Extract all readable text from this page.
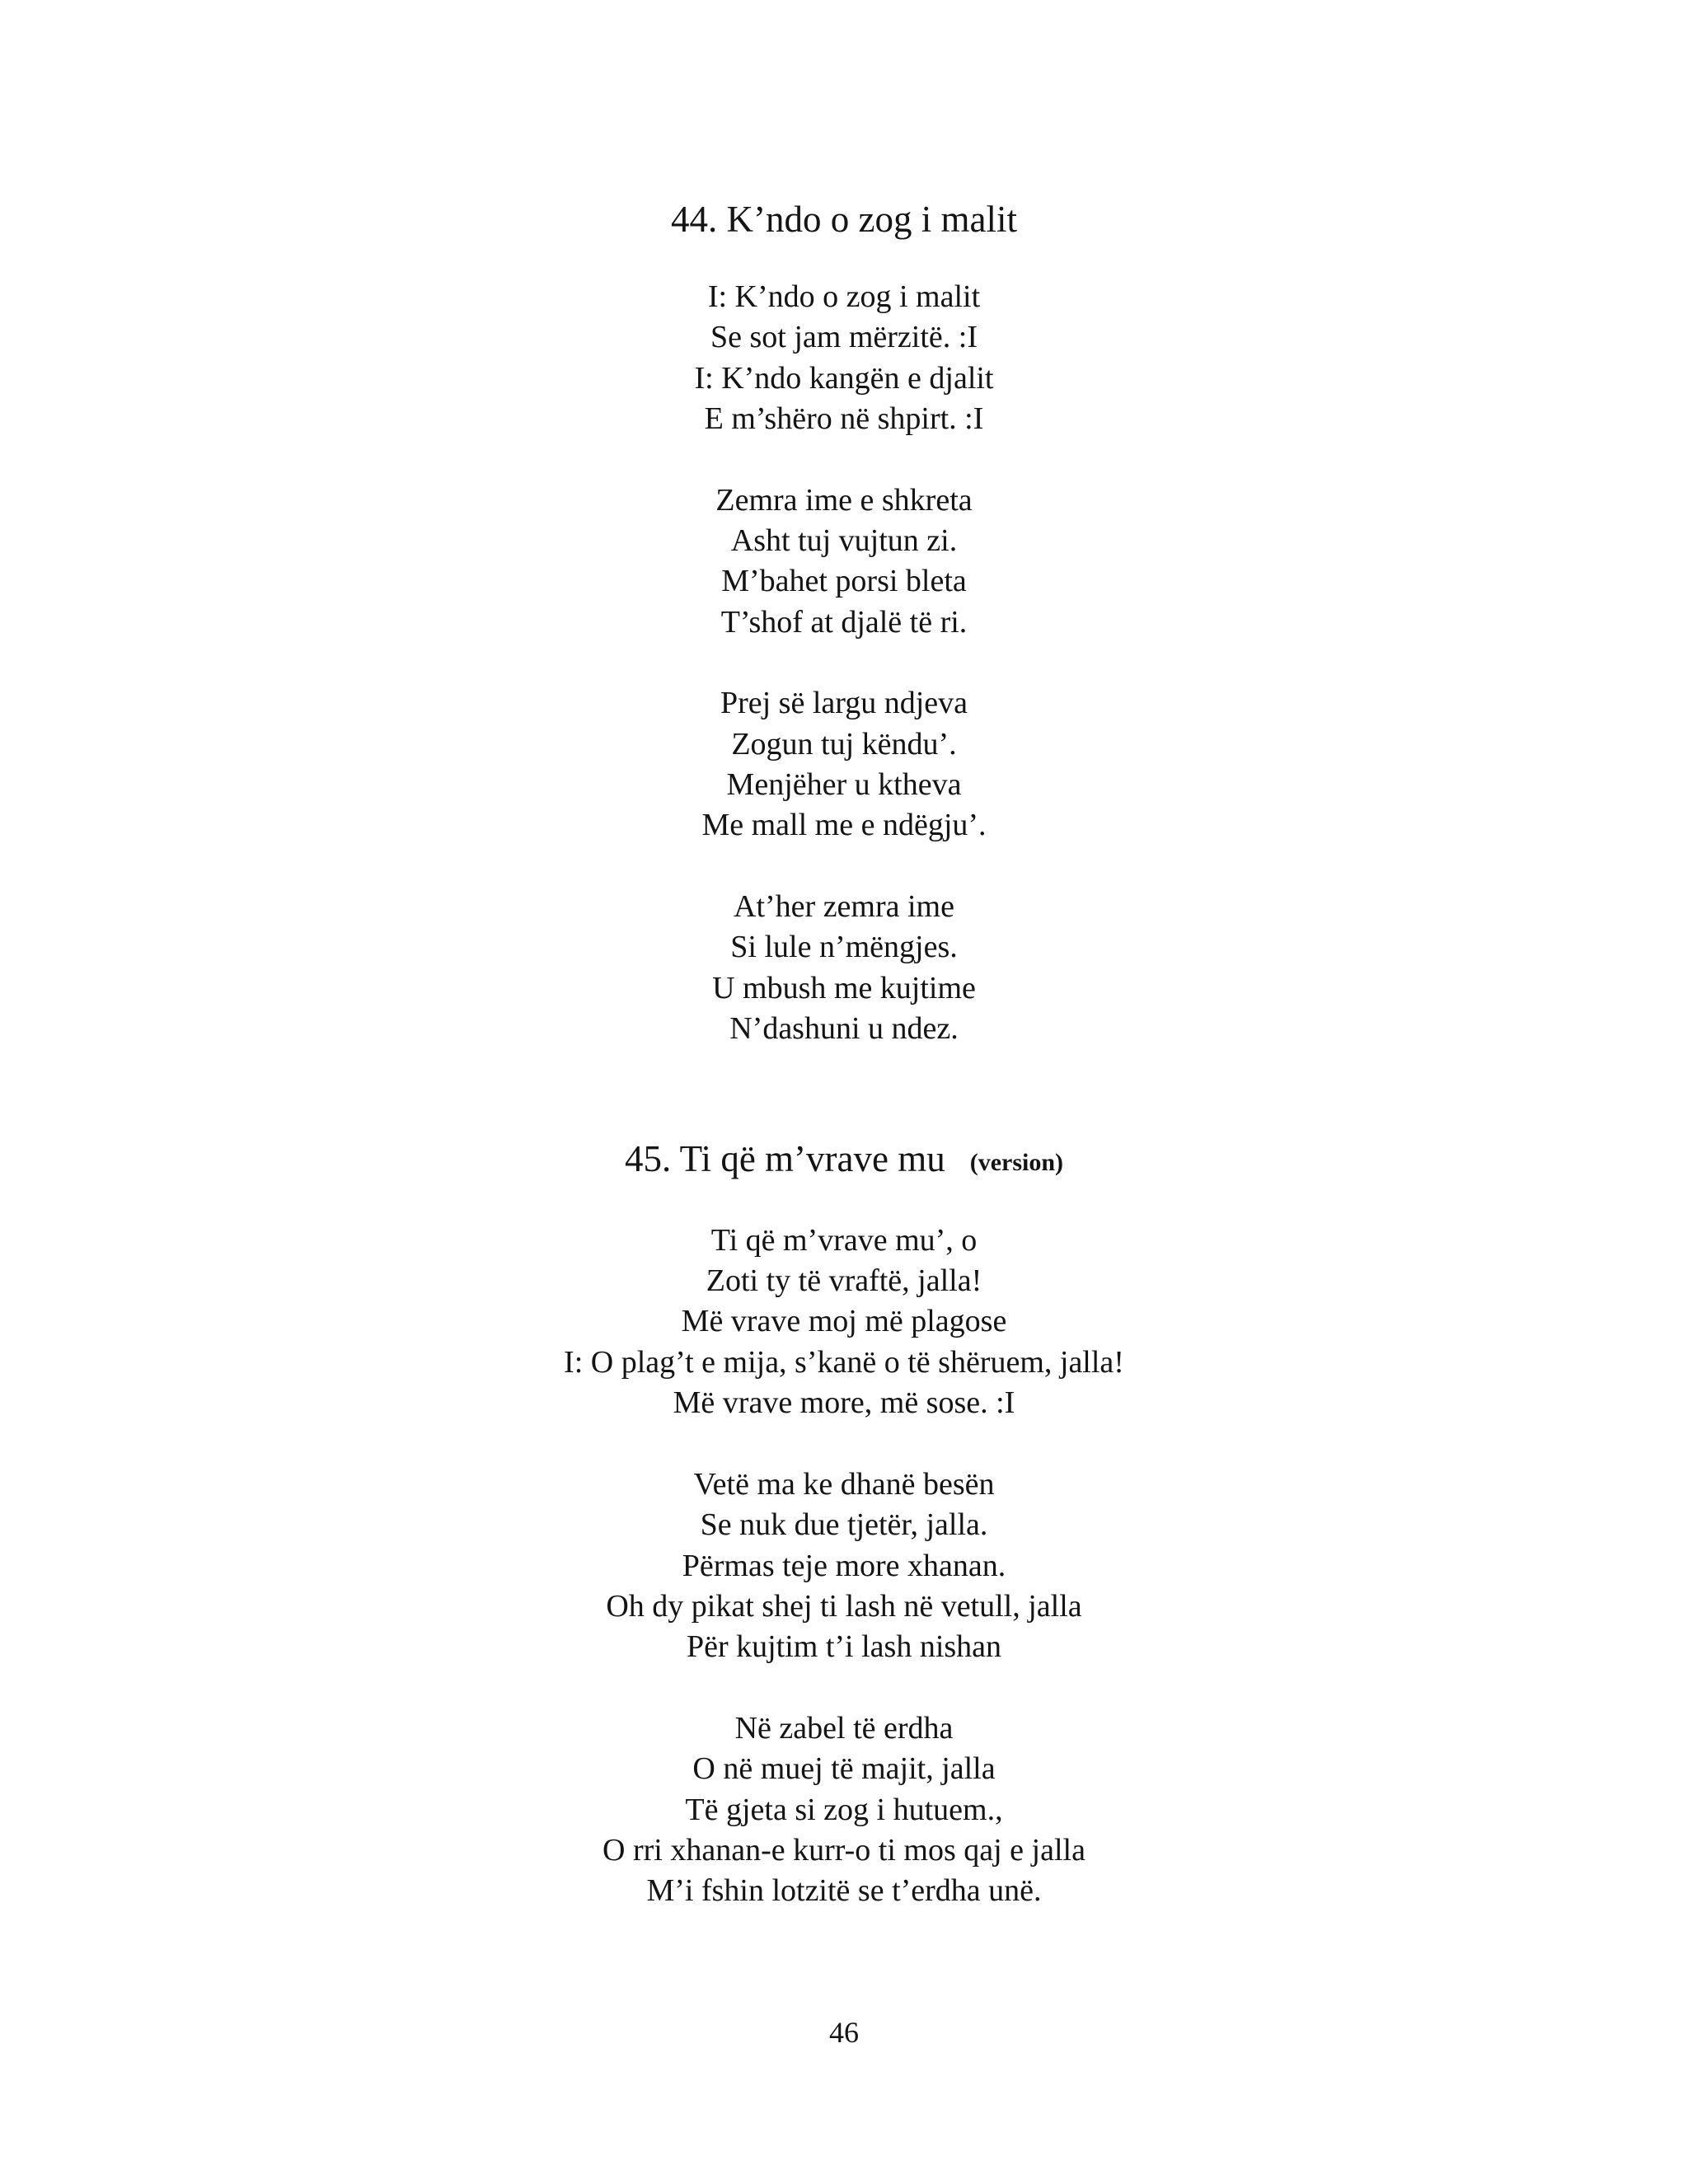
44. K’ndo o zog i malit
I: K’ndo o zog i malit
Se sot jam mërzitë. :I
I: K’ndo kangën e djalit
E m’shëro në shpirt. :I
Zemra ime e shkreta
Asht tuj vujtun zi.
M’bahet porsi bleta
T’shof at djalë të ri.
Prej së largu ndjeva
Zogun tuj këndu’.
Menjëher u ktheva
Me mall me e ndëgju’.
At’her zemra ime
Si lule n’mëngjes.
U mbush me kujtime
N’dashuni u ndez.
45. Ti që m’vrave mu (version)
Ti që m’vrave mu’, o
Zoti ty të vraftë, jalla!
Më vrave moj më plagose
I: O plag’t e mija, s’kanë o të shëruem, jalla!
Më vrave more, më sose. :I
Vetë ma ke dhanë besën
Se nuk due tjetër, jalla.
Përmas teje more xhanan.
Oh dy pikat shej ti lash në vetull, jalla
Për kujtim t’i lash nishan
Në zabel të erdha
O në muej të majit, jalla
Të gjeta si zog i hutuem.,
O rri xhanan-e kurr-o ti mos qaj e jalla
M’i fshin lotzitë se t’erdha unë.
46
